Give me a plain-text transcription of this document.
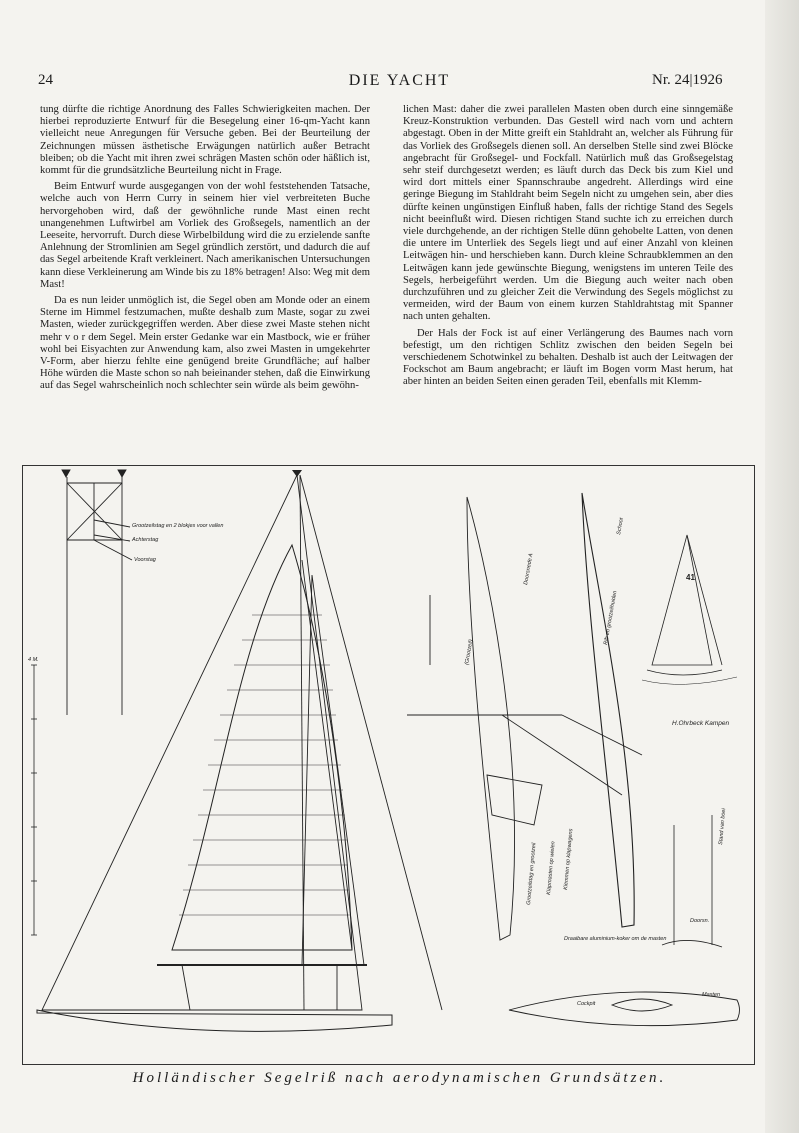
24	DIE YACHT	Nr. 24|1926

tung dürfte die richtige Anordnung des Falles Schwierigkeiten machen. Der hierbei reproduzierte Entwurf für die Besegelung einer 16-qm-Yacht kann vielleicht neue Anregungen für Versuche geben. Bei der Beurteilung der Zeichnungen müssen ästhetische Erwägungen natürlich außer Betracht bleiben; ob die Yacht mit ihren zwei schrägen Masten schön oder häßlich ist, kommt für die grundsätzliche Beurteilung nicht in Frage.

Beim Entwurf wurde ausgegangen von der wohl feststehenden Tatsache, welche auch von Herrn Curry in seinem hier viel verbreiteten Buche hervorgehoben wird, daß der gewöhnliche runde Mast einen recht unangenehmen Luftwirbel am Vorliek des Großsegels, namentlich an der Leeseite, hervorruft. Durch diese Wirbelbildung wird die zu erzielende sanfte Anlehnung der Stromlinien am Segel gründlich zerstört, und dadurch die auf das Segel arbeitende Kraft verkleinert. Nach amerikanischen Untersuchungen kann diese Verkleinerung am Winde bis zu 18% betragen! Also: Weg mit dem Mast!

Da es nun leider unmöglich ist, die Segel oben am Monde oder an einem Sterne im Himmel festzumachen, mußte deshalb zum Maste, sogar zu zwei Masten, wieder zurückgegriffen werden. Aber diese zwei Maste stehen nicht mehr v o r dem Segel. Mein erster Gedanke war ein Mastbock, wie er früher wohl bei Eisyachten zur Anwendung kam, also zwei Masten in umgekehrter V-Form, aber hierzu fehlte eine genügend breite Grundfläche; auf halber Höhe würden die Maste schon so nah beieinander stehen, daß die Einwirkung auf das Segel wahrscheinlich noch schlechter sein würde als beim gewöhn-

lichen Mast: daher die zwei parallelen Masten oben durch eine sinngemäße Kreuz-Konstruktion verbunden. Das Gestell wird nach vorn und achtern abgestagt. Oben in der Mitte greift ein Stahldraht an, welcher als Führung für das Vorliek des Großsegels dienen soll. An derselben Stelle sind zwei Blöcke angebracht für Großsegel- und Fockfall. Natürlich muß das Großsegelstag sehr steif durchgesetzt werden; es läuft durch das Deck bis zum Kiel und wird dort mittels einer Spannschraube angedreht. Allerdings wird eine geringe Biegung im Stahldraht beim Segeln nicht zu umgehen sein, aber dies dürfte keinen ungünstigen Einfluß haben, falls der richtige Stand des Segels nicht beeinflußt wird. Diesen richtigen Stand suchte ich zu erreichen durch viele durchgehende, an der richtigen Stelle dünn gehobelte Latten, von denen die untere im Unterliek des Segels liegt und auf einer Anzahl von kleinen Leitwägen hin- und herschieben kann. Durch kleine Schraubklemmen an den Leitwägen kann jede gewünschte Biegung, wenigstens im unteren Teile des Segels, herbeigeführt werden. Um die Biegung auch weiter nach oben durchzuführen und zu gleicher Zeit die Verwindung des Segels möglichst zu vermeiden, wird der Baum von einem kurzen Stahldrahtstag mit Spanner nach unten gehalten.

Der Hals der Fock ist auf einer Verlängerung des Baumes nach vorn befestigt, um den richtigen Schlitz zwischen den beiden Segeln bei verschiedenem Schotwinkel zu behalten. Deshalb ist auch der Leitwagen der Fockschot am Baum angebracht; er läuft im Bogen vorm Mast herum, hat aber hinten an beiden Seiten einen geraden Teil, ebenfalls mit Klemm-

Grootzeilstag en 2 blokjes voor vallen
Achterstag
Voorstag
4 M.
Doorsnede A
(Grootzeil)
Schoot
Rib en grootzeilhuiden
Grootzeilstag en grootzeil Klapmasten op wielen Klemmen op klapwagens
41
H.Ohrbeck Kampen
Stand van boei
Doorsn.
Draaibare aluminium-koker om de masten
Cockpit
Masten
Holländischer Segelriß nach aerodynamischen Grundsätzen.
